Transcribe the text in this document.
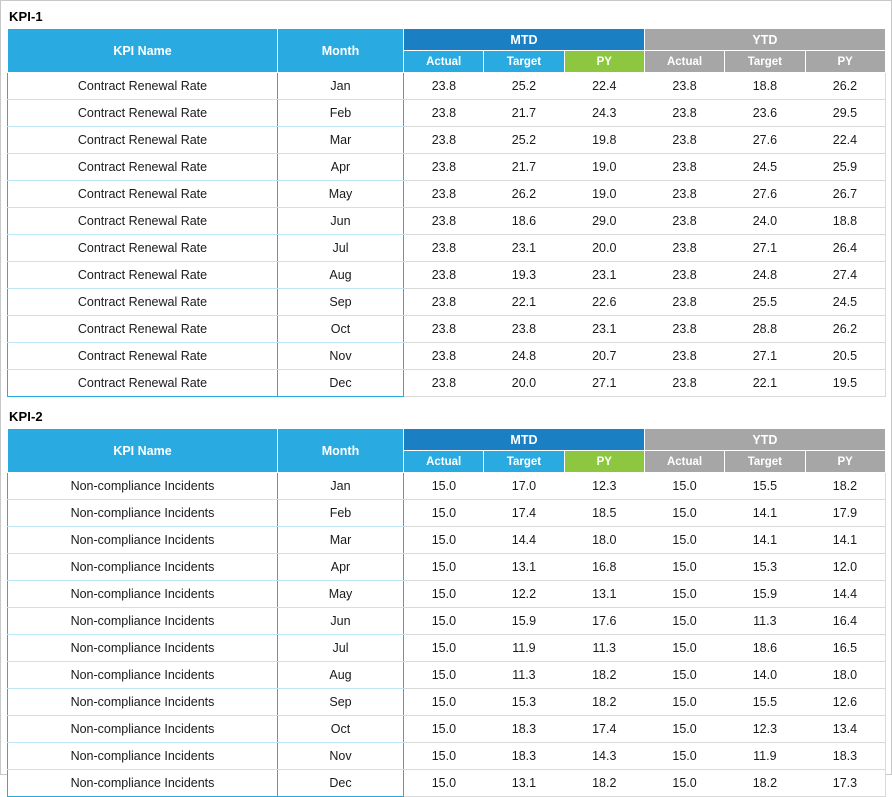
KPI-1
KPI Name	Month	MTD			YTD		
		Actual	Target	PY	Actual	Target	PY
Contract Renewal Rate	Jan	23.8	25.2	22.4	23.8	18.8	26.2
Contract Renewal Rate	Feb	23.8	21.7	24.3	23.8	23.6	29.5
Contract Renewal Rate	Mar	23.8	25.2	19.8	23.8	27.6	22.4
Contract Renewal Rate	Apr	23.8	21.7	19.0	23.8	24.5	25.9
Contract Renewal Rate	May	23.8	26.2	19.0	23.8	27.6	26.7
Contract Renewal Rate	Jun	23.8	18.6	29.0	23.8	24.0	18.8
Contract Renewal Rate	Jul	23.8	23.1	20.0	23.8	27.1	26.4
Contract Renewal Rate	Aug	23.8	19.3	23.1	23.8	24.8	27.4
Contract Renewal Rate	Sep	23.8	22.1	22.6	23.8	25.5	24.5
Contract Renewal Rate	Oct	23.8	23.8	23.1	23.8	28.8	26.2
Contract Renewal Rate	Nov	23.8	24.8	20.7	23.8	27.1	20.5
Contract Renewal Rate	Dec	23.8	20.0	27.1	23.8	22.1	19.5
KPI-2
KPI Name	Month	MTD			YTD		
		Actual	Target	PY	Actual	Target	PY
Non-compliance Incidents	Jan	15.0	17.0	12.3	15.0	15.5	18.2
Non-compliance Incidents	Feb	15.0	17.4	18.5	15.0	14.1	17.9
Non-compliance Incidents	Mar	15.0	14.4	18.0	15.0	14.1	14.1
Non-compliance Incidents	Apr	15.0	13.1	16.8	15.0	15.3	12.0
Non-compliance Incidents	May	15.0	12.2	13.1	15.0	15.9	14.4
Non-compliance Incidents	Jun	15.0	15.9	17.6	15.0	11.3	16.4
Non-compliance Incidents	Jul	15.0	11.9	11.3	15.0	18.6	16.5
Non-compliance Incidents	Aug	15.0	11.3	18.2	15.0	14.0	18.0
Non-compliance Incidents	Sep	15.0	15.3	18.2	15.0	15.5	12.6
Non-compliance Incidents	Oct	15.0	18.3	17.4	15.0	12.3	13.4
Non-compliance Incidents	Nov	15.0	18.3	14.3	15.0	11.9	18.3
Non-compliance Incidents	Dec	15.0	13.1	18.2	15.0	18.2	17.3
